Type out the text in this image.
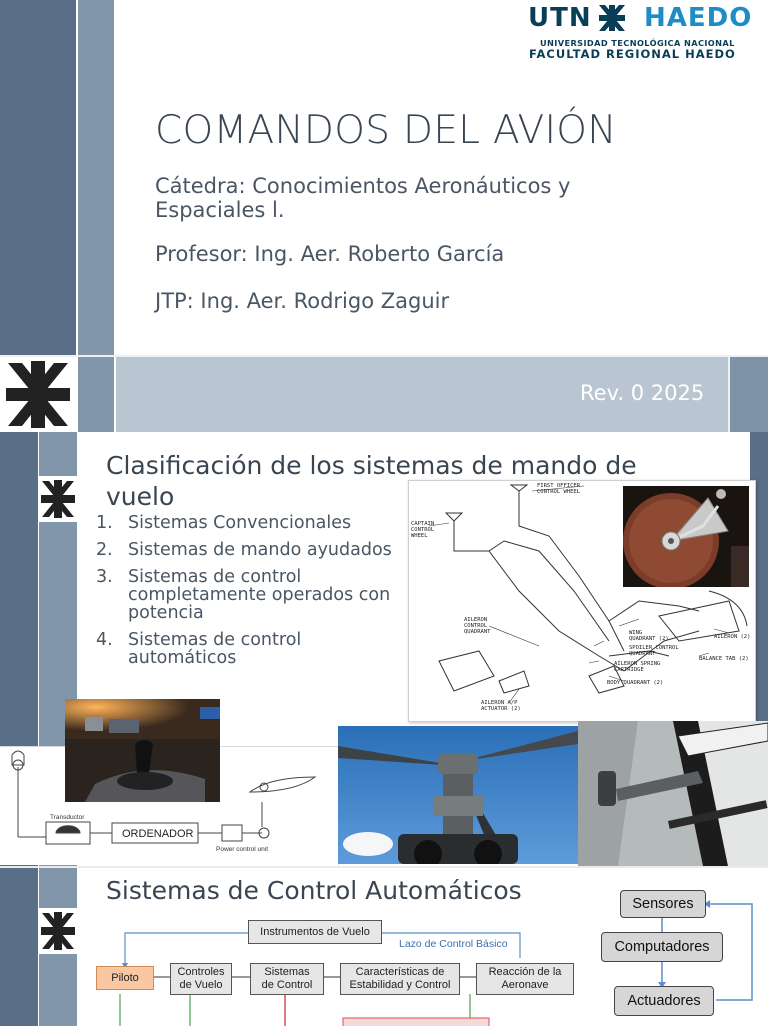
UTN HAEDO
UNIVERSIDAD TECNOLÓGICA NACIONAL
FACULTAD REGIONAL HAEDO
COMANDOS DEL AVIÓN
Cátedra: Conocimientos Aeronáuticos y Espaciales l.
Profesor: Ing. Aer. Roberto García
JTP: Ing. Aer. Rodrigo Zaguir
Rev. 0 2025
Clasificación de los sistemas de mando de vuelo
1. Sistemas Convencionales
2. Sistemas de mando ayudados
3. Sistemas de control completamente operados con potencia
4. Sistemas de control automáticos
FIRST OFFICER
CONTROL WHEEL
CAPTAIN
CONTROL
WHEEL
AILERON
CONTROL
QUADRANT	WING
QUADRANT (2)
SPOILER CONTROL
QUADRANT
AILERON SPRING
CARTRIDGE
BODY QUADRANT (2)
AILERON A/P
ACTUATOR (2)
AILERON (2)
BALANCE TAB (2)
Transductor
ORDENADOR
Power control unit
Sistemas de Control Automáticos
Lazo de Control Básico
Instrumentos de Vuelo
Piloto	Controles
de Vuelo
Sistemas
de Control
Características de
Estabilidad y Control
Reacción de la
Aeronave
Sensores
Computadores
Actuadores
